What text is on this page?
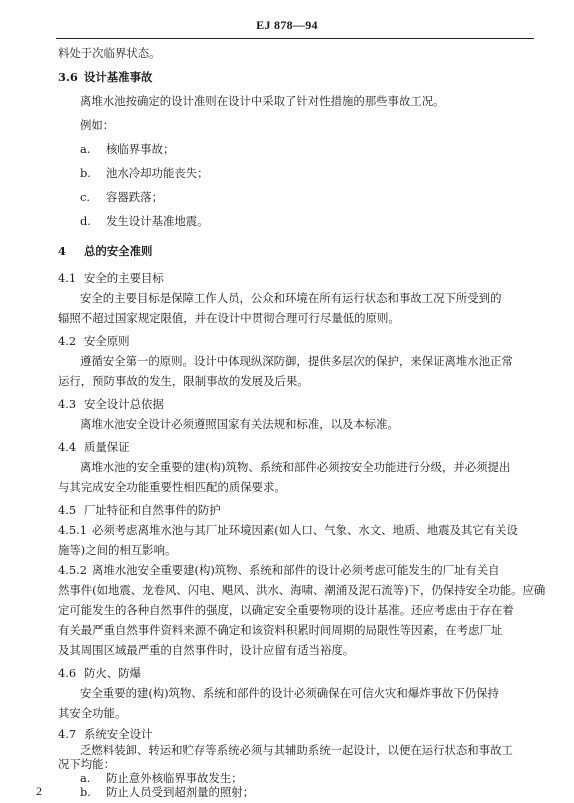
EJ 878—94
料处于次临界状态。
3.6 设计基准事故
离堆水池按确定的设计准则在设计中采取了针对性措施的那些事故工况。
例如：
a. 核临界事故；
b. 池水冷却功能丧失；
c. 容器跌落；
d. 发生设计基准地震。
4 总的安全准则
4.1 安全的主要目标
安全的主要目标是保障工作人员，公众和环境在所有运行状态和事故工况下所受到的
辐照不超过国家规定限值，并在设计中贯彻合理可行尽量低的原则。
4.2 安全原则
遵循安全第一的原则。设计中体现纵深防御，提供多层次的保护，来保证离堆水池正常
运行，预防事故的发生，限制事故的发展及后果。
4.3 安全设计总依据
离堆水池安全设计必须遵照国家有关法规和标准，以及本标准。
4.4 质量保证
离堆水池的安全重要的建(构)筑物、系统和部件必须按安全功能进行分级，并必须提出
与其完成安全功能重要性相匹配的质保要求。
4.5 厂址特征和自然事件的防护
4.5.1 必须考虑离堆水池与其厂址环境因素(如人口、气象、水文、地质、地震及其它有关设
施等)之间的相互影响。
4.5.2 离堆水池安全重要建(构)筑物、系统和部件的设计必须考虑可能发生的厂址有关自
然事件(如地震、龙卷风、闪电、飓风、洪水、海啸、潮涌及泥石流等)下，仍保持安全功能。应确
定可能发生的各种自然事件的强度，以确定安全重要物项的设计基准。还应考虑由于存在着
有关最严重自然事件资料来源不确定和该资料积累时间周期的局限性等因素，在考虑厂址
及其周围区域最严重的自然事件时，设计应留有适当裕度。
4.6 防火、防爆
安全重要的建(构)筑物、系统和部件的设计必须确保在可信火灾和爆炸事故下仍保持
其安全功能。
4.7 系统安全设计
乏燃料装卸、转运和贮存等系统必须与其辅助系统一起设计，以便在运行状态和事故工
况下均能：
a. 防止意外核临界事故发生；
b. 防止人员受到超剂量的照射；
2
